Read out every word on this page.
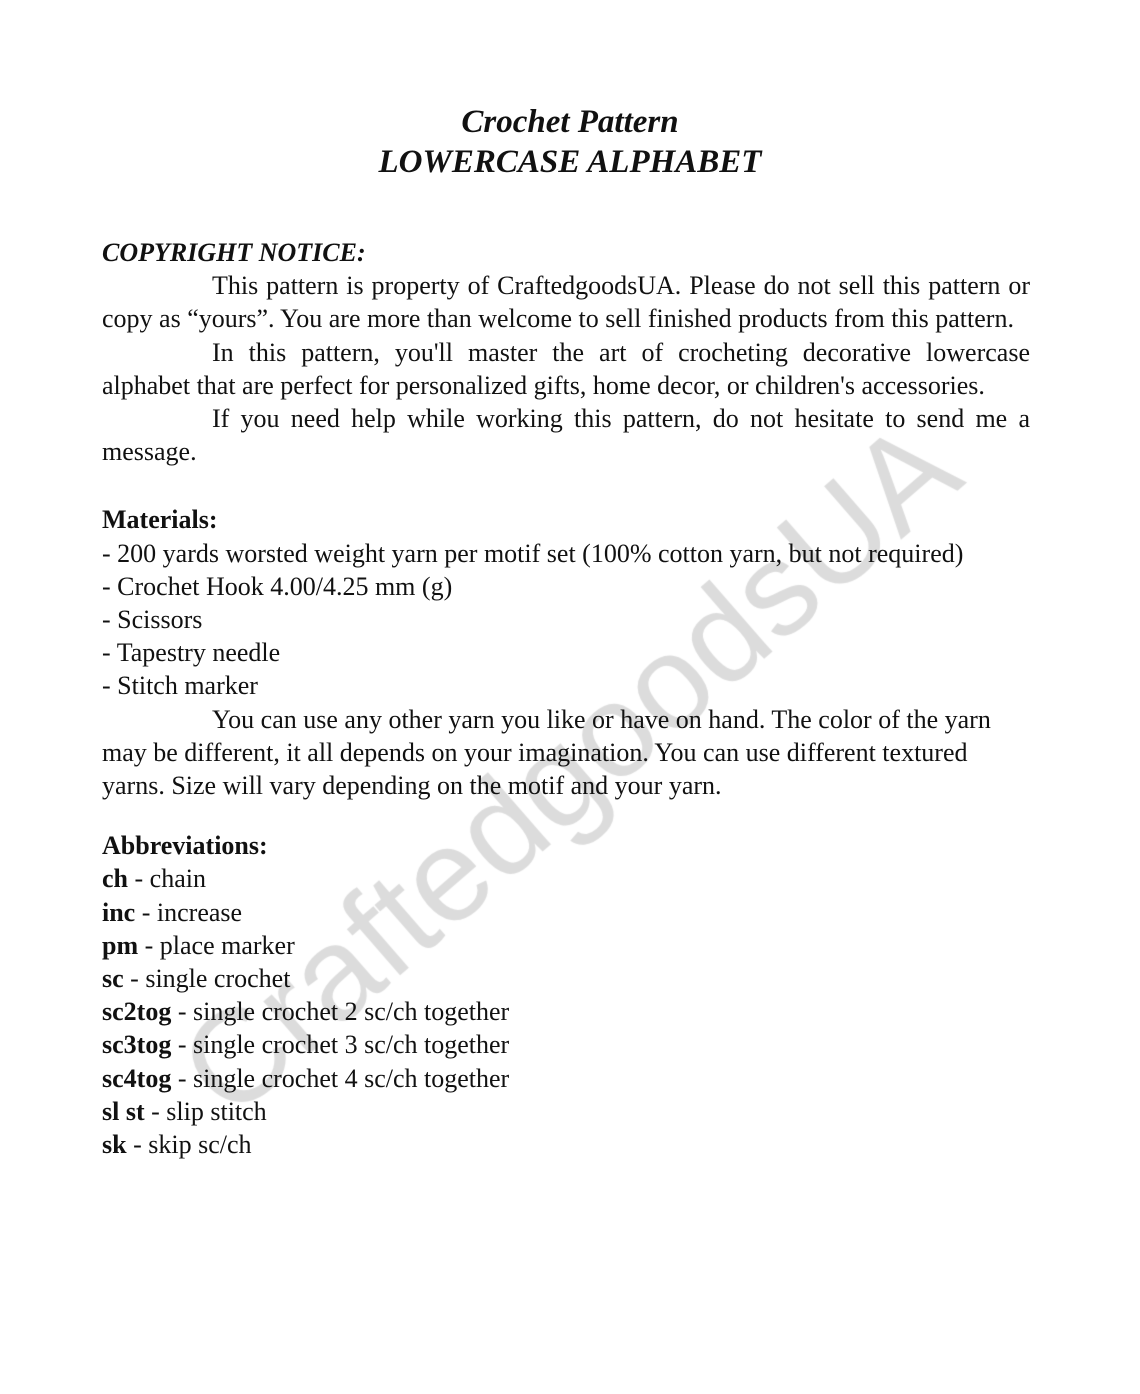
Crochet Pattern
LOWERCASE ALPHABET
COPYRIGHT NOTICE:

This pattern is property of CraftedgoodsUA. Please do not sell this pattern or copy as “yours”. You are more than welcome to sell finished products from this pattern.

In this pattern, you'll master the art of crocheting decorative lowercase alphabet that are perfect for personalized gifts, home decor, or children's accessories.

If you need help while working this pattern, do not hesitate to send me a message.

Materials:

- 200 yards worsted weight yarn per motif set (100% cotton yarn, but not required)

- Crochet Hook 4.00/4.25 mm (g)
- Scissors
- Tapestry needle
- Stitch marker

You can use any other yarn you like or have on hand. The color of the yarn may be different, it all depends on your imagination. You can use different textured yarns. Size will vary depending on the motif and your yarn.

Abbreviations:
ch - chain
inc - increase
pm - place marker
sc - single crochet
sc2tog - single crochet 2 sc/ch together
sc3tog - single crochet 3 sc/ch together
sc4tog - single crochet 4 sc/ch together
sl st - slip stitch
sk - skip sc/ch
